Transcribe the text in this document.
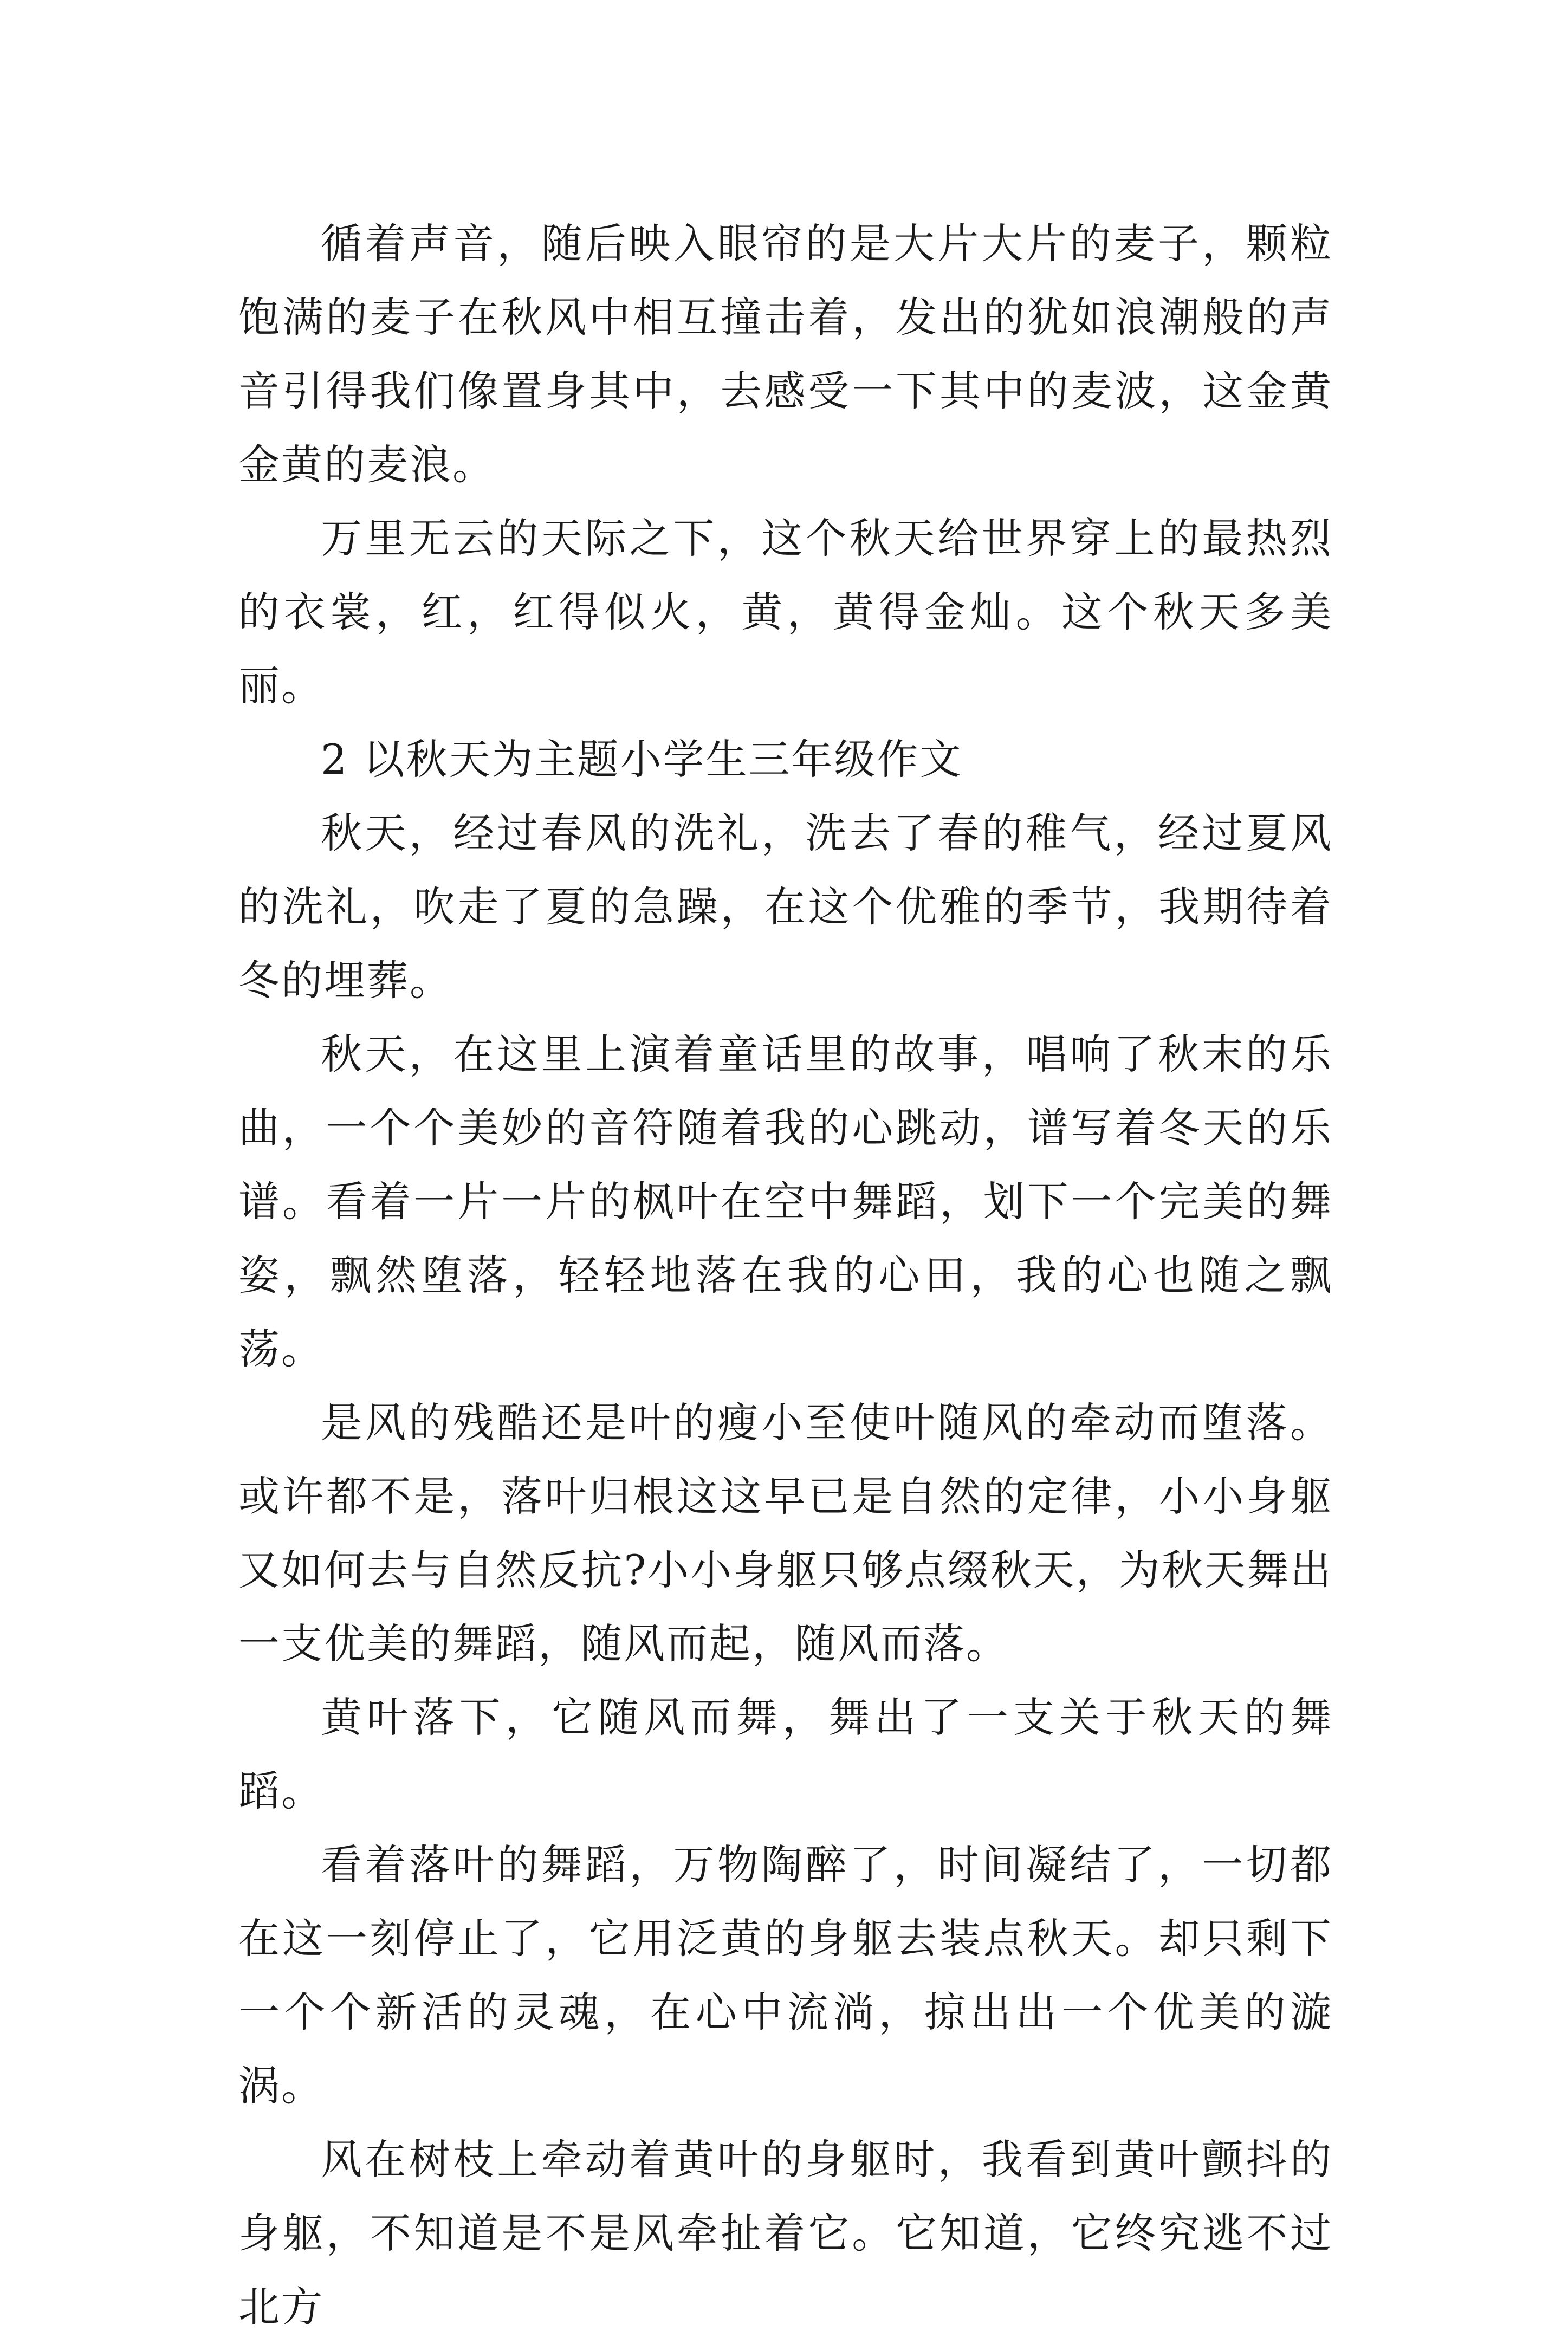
循着声音，随后映入眼帘的是大片大片的麦子，颗粒饱满的麦子在秋风中相互撞击着，发出的犹如浪潮般的声音引得我们像置身其中，去感受一下其中的麦波，这金黄金黄的麦浪。

万里无云的天际之下，这个秋天给世界穿上的最热烈的衣裳，红，红得似火，黄，黄得金灿。这个秋天多美丽。

2 以秋天为主题小学生三年级作文

秋天，经过春风的洗礼，洗去了春的稚气，经过夏风的洗礼，吹走了夏的急躁，在这个优雅的季节，我期待着冬的埋葬。

秋天，在这里上演着童话里的故事，唱响了秋末的乐曲，一个个美妙的音符随着我的心跳动，谱写着冬天的乐谱。看着一片一片的枫叶在空中舞蹈，划下一个完美的舞姿，飘然堕落，轻轻地落在我的心田，我的心也随之飘荡。

是风的残酷还是叶的瘦小至使叶随风的牵动而堕落。或许都不是，落叶归根这这早已是自然的定律，小小身躯又如何去与自然反抗?小小身躯只够点缀秋天，为秋天舞出一支优美的舞蹈，随风而起，随风而落。

黄叶落下，它随风而舞，舞出了一支关于秋天的舞蹈。

看着落叶的舞蹈，万物陶醉了，时间凝结了，一切都在这一刻停止了，它用泛黄的身躯去装点秋天。却只剩下一个个新活的灵魂，在心中流淌，掠出出一个优美的漩涡。

风在树枝上牵动着黄叶的身躯时，我看到黄叶颤抖的身躯，不知道是不是风牵扯着它。它知道，它终究逃不过北方
